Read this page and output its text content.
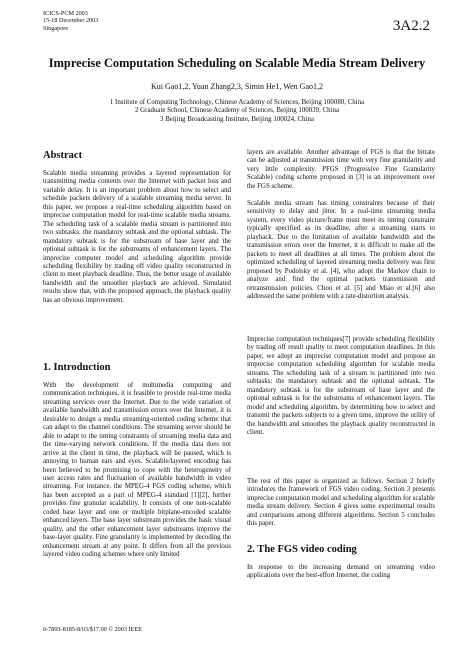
ICICS-PCM 2003
15-18 December 2003
Singapore	3A2.2
Imprecise Computation Scheduling on Scalable Media Stream Delivery
Kui Gao1,2, Yuan Zhang2,3, Simin He1, Wen Gao1,2
1 Institute of Computing Technology, Chinese Academy of Sciences, Beijing 100080, China
2 Graduate School, Chinese Academy of Sciences, Beijing 100039, China
3 Beijing Broadcasting Institute, Beijing 100024, China
Abstract

Scalable media streaming provides a layered representation for transmitting media contents over the Internet with packet loss and variable delay. It is an important problem about how to select and schedule packets delivery of a scalable streaming media server. In this paper, we propose a real-time scheduling algorithm based on imprecise computation model for real-time scalable media streams. The scheduling task of a scalable media stream is partitioned into two subtasks: the mandatory subtask and the optional subtask. The mandatory subtask is for the substream of base layer and the optional subtask is for the substreams of enhancement layers. The imprecise computer model and scheduling algorithm provide scheduling flexibility by trading off video quality reconstructed in client to meet playback deadline. Thus, the better usage of available bandwidth and the smoother playback are achieved. Simulated results show that, with the proposed approach, the playback quality has an obvious improvement.

1. Introduction

With the development of multimedia computing and communication techniques, it is feasible to provide real-time media streaming services over the Internet. Due to the wide variation of available bandwidth and transmission errors over the Internet, it is desirable to design a media streaming-oriented coding scheme that can adapt to the channel conditions. The streaming server should be able to adapt to the timing constraints of streaming media data and the time-varying network conditions. If the media data does not arrive at the client in time, the playback will be paused, which is annoying to human ears and eyes. Scalable/layered encoding has been believed to be promising to cope with the heterogeneity of user access rates and fluctuation of available bandwidth in video streaming. For instance, the MPEG-4 FGS coding scheme, which has been accepted as a part of MPEG-4 standard [1][2], further provides fine granular scalability. It consists of one non-scalable coded base layer and one or multiple bitplane-encoded scalable enhanced layers. The base layer substream provides the basic visual quality, and the other enhancement layer substreams improve the base-layer quality. Fine granularity is implemented by decoding the enhancement stream at any point. It differs from all the previous layered video coding schemes where only limited

layers are available. Another advantage of FGS is that the bitrate can be adjusted at transmission time with very fine granularity and very little complexity. PFGS (Progressive Fine Granularity Scalable) coding scheme proposed in [3] is an improvement over the FGS scheme.

Scalable media stream has timing constraints because of their sensitivity to delay and jitter. In a real-time streaming media system, every video picture/frame must meet its timing constraint typically specified as its deadline, after a streaming starts to playback. Due to the limitation of available bandwidth and the transmission errors over the Internet, it is difficult to make all the packets to meet all deadlines at all times. The problem about the optimized scheduling of layered streaming media delivery was first proposed by Podolsky et al. [4], who adopt the Markov chain to analyze and find the optimal packets transmission and retransmission policies. Chou et al. [5] and Miao et al.[6] also addressed the same problem with a rate-distortion analysis.

Imprecise computation techniques[7] provide scheduling flexibility by trading off result quality to meet computation deadlines. In this paper, we adopt an imprecise computation model and propose an imprecise computation scheduling algorithm for scalable media streams. The scheduling task of a stream is partitioned into two subtasks: the mandatory subtask and the optional subtask. The mandatory subtask is for the substream of base layer and the optional subtask is for the substreams of enhancement layers. The model and scheduling algorithm, by determining how to select and transmit the packets subjects to a given time, improve the utility of the bandwidth and smoothes the playback quality reconstructed in client.

The rest of this paper is organized as follows. Section 2 briefly introduces the framework of FGS video coding. Section 3 presents imprecise computation model and scheduling algorithm for scalable media stream delivery. Section 4 gives some experimental results and comparisons among different algorithms. Section 5 concludes this paper.

2. The FGS video coding

In response to the increasing demand on streaming video applications over the best-effort Internet, the coding

0-7803-8185-8/03/$17.00 © 2003 IEEE
